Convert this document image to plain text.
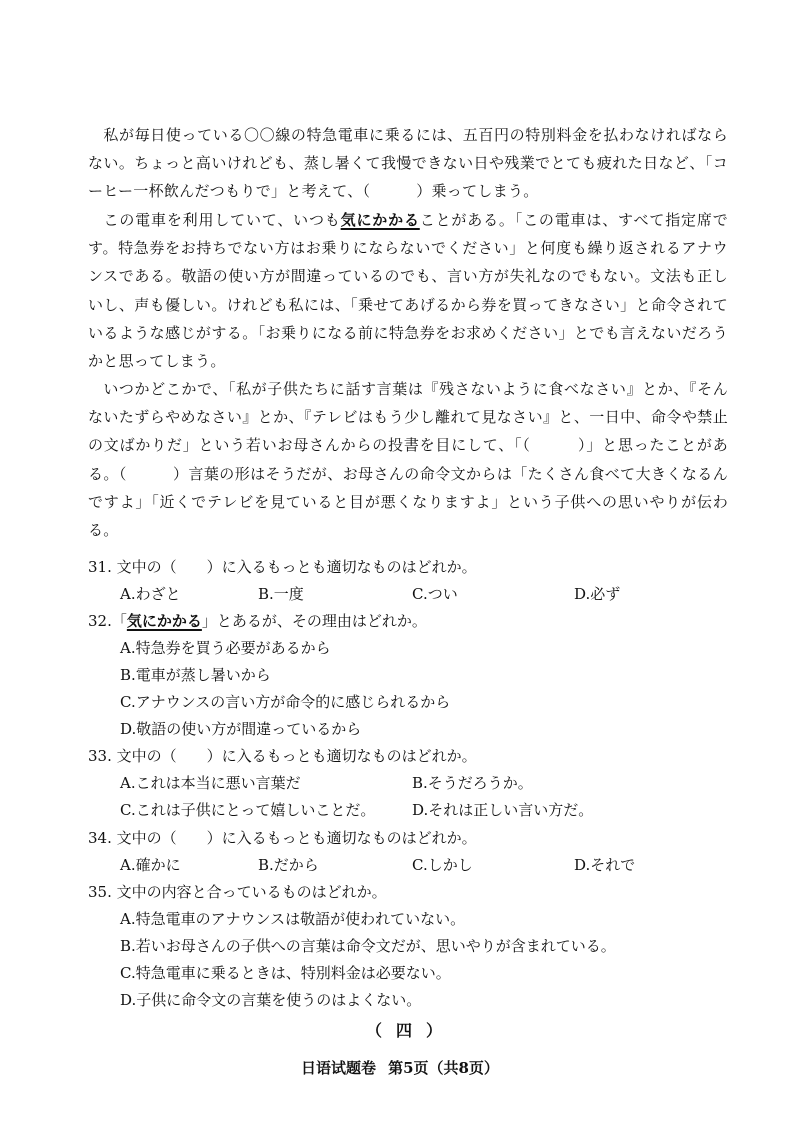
私が毎日使っている〇〇線の特急電車に乗るには、五百円の特別料金を払わなければならない。ちょっと高いけれども、蒸し暑くて我慢できない日や残業でとても疲れた日など、「コーヒー一杯飲んだつもりで」と考えて、（　　　）乗ってしまう。

この電車を利用していて、いつも気にかかることがある。「この電車は、すべて指定席です。特急券をお持ちでない方はお乗りにならないでください」と何度も繰り返されるアナウンスである。敬語の使い方が間違っているのでも、言い方が失礼なのでもない。文法も正しいし、声も優しい。けれども私には、「乗せてあげるから券を買ってきなさい」と命令されているような感じがする。「お乗りになる前に特急券をお求めください」とでも言えないだろうかと思ってしまう。

いつかどこかで、「私が子供たちに話す言葉は『残さないように食べなさい』とか、『そんないたずらやめなさい』とか、『テレビはもう少し離れて見なさい』と、一日中、命令や禁止の文ばかりだ」という若いお母さんからの投書を目にして、「（　　　）」と思ったことがある。（　　　）言葉の形はそうだが、お母さんの命令文からは「たくさん食べて大きくなるんですよ」「近くでテレビを見ていると目が悪くなりますよ」という子供への思いやりが伝わる。

31. 文中の（　　）に入るもっとも適切なものはどれか。
A.わざと	B.一度	C.つい	D.必ず
32.「気にかかる」とあるが、その理由はどれか。
A.特急券を買う必要があるから
B.電車が蒸し暑いから
C.アナウンスの言い方が命令的に感じられるから
D.敬語の使い方が間違っているから
33. 文中の（　　）に入るもっとも適切なものはどれか。
A.これは本当に悪い言葉だ	B.そうだろうか。
C.これは子供にとって嬉しいことだ。 D.それは正しい言い方だ。
34. 文中の（　　）に入るもっとも適切なものはどれか。
A.確かに	B.だから	C.しかし	D.それで
35. 文中の内容と合っているものはどれか。
A.特急電車のアナウンスは敬語が使われていない。
B.若いお母さんの子供への言葉は命令文だが、思いやりが含まれている。
C.特急電車に乗るときは、特別料金は必要ない。
D.子供に命令文の言葉を使うのはよくない。
（四）
日语试题卷 第5页（共8页）
